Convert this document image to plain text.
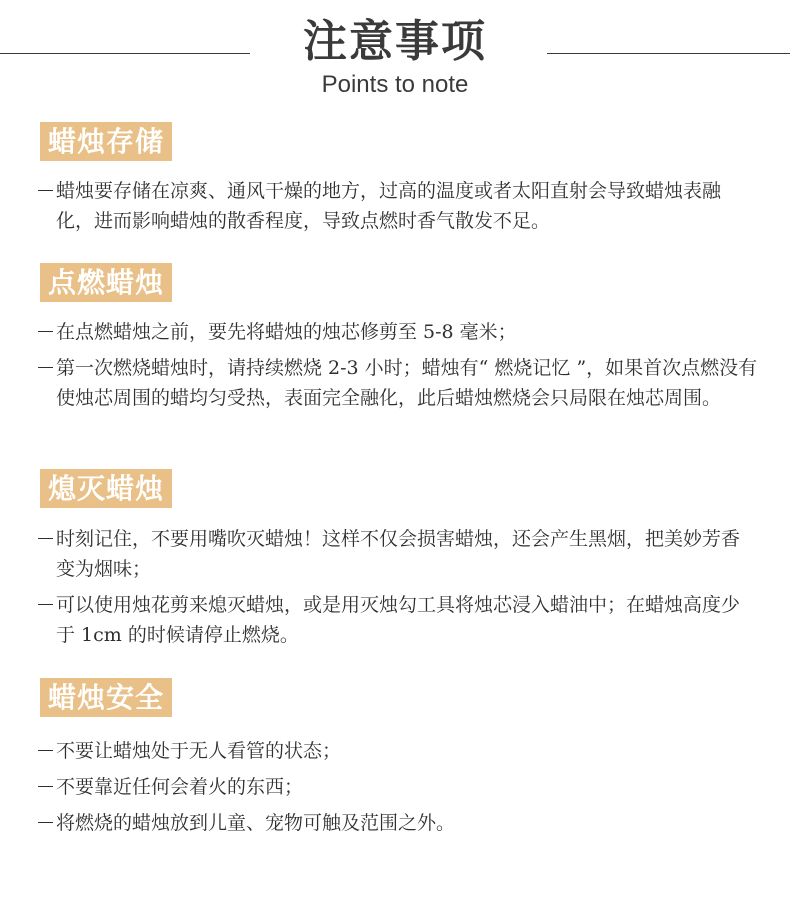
注意事项
Points to note
蜡烛存储
蜡烛要存储在凉爽、通风干燥的地方，过高的温度或者太阳直射会导致蜡烛表融化，进而影响蜡烛的散香程度，导致点燃时香气散发不足。
点燃蜡烛
在点燃蜡烛之前，要先将蜡烛的烛芯修剪至 5-8 毫米；
第一次燃烧蜡烛时，请持续燃烧 2-3 小时；蜡烛有“ 燃烧记忆 ”，如果首次点燃没有使烛芯周围的蜡均匀受热，表面完全融化，此后蜡烛燃烧会只局限在烛芯周围。
熄灭蜡烛
时刻记住，不要用嘴吹灭蜡烛！这样不仅会损害蜡烛，还会产生黑烟，把美妙芳香变为烟味；
可以使用烛花剪来熄灭蜡烛，或是用灭烛勾工具将烛芯浸入蜡油中；在蜡烛高度少于 1cm 的时候请停止燃烧。
蜡烛安全
不要让蜡烛处于无人看管的状态；
不要靠近任何会着火的东西；
将燃烧的蜡烛放到儿童、宠物可触及范围之外。
